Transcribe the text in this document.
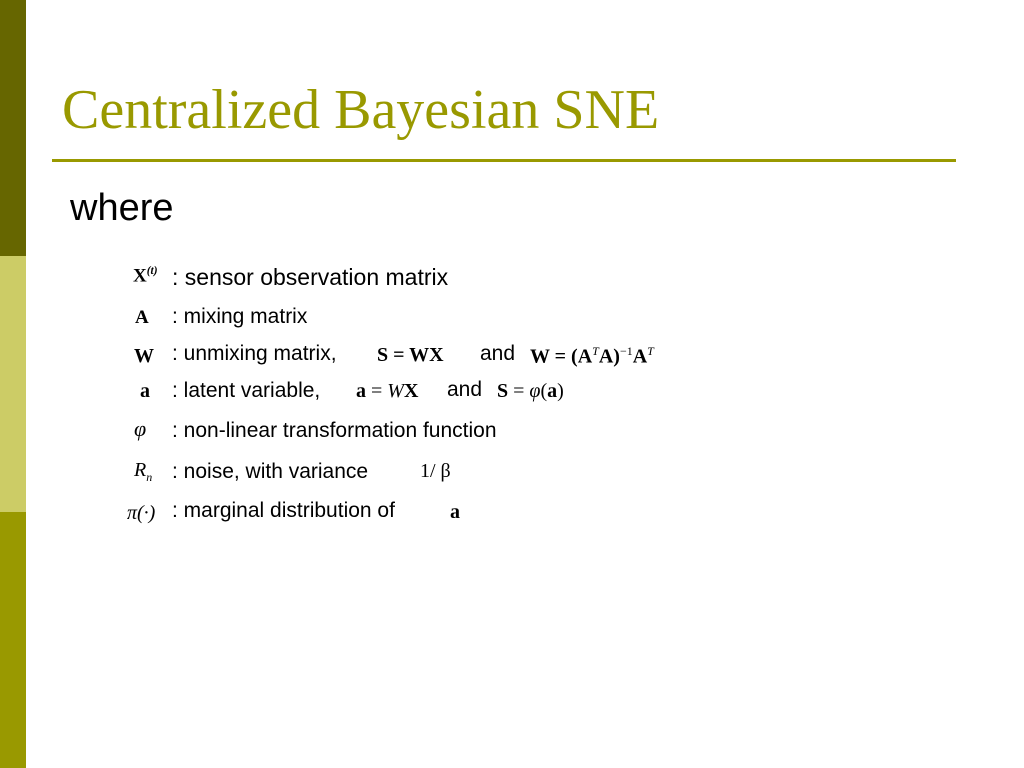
Centralized Bayesian SNE
where
$X^{(t)}$ : sensor observation matrix
A : mixing matrix
W : unmixing matrix, S = WX and $W = (A^TA)^{-1}A^T$
a : latent variable, a = WX and S = φ(a)
φ : non-linear transformation function
$R_n$ : noise, with variance	1/ β
π(·) : marginal distribution of	a
